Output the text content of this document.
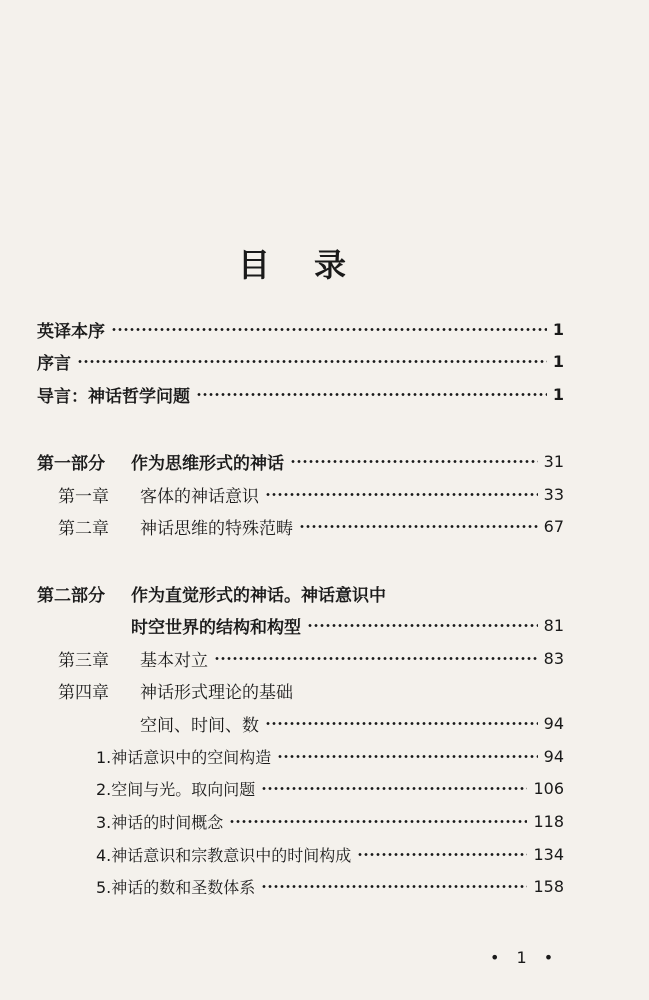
目 录
英译本序	1
序言	1
导言：神话哲学问题	1
第一部分	作为思维形式的神话	31
第一章	客体的神话意识	33
第二章	神话思维的特殊范畴	67
第二部分	作为直觉形式的神话。神话意识中
时空世界的结构和构型	81
第三章	基本对立	83
第四章	神话形式理论的基础
空间、时间、数	94
1.神话意识中的空间构造	94
2.空间与光。取向问题	106
3.神话的时间概念	118
4.神话意识和宗教意识中的时间构成	134
5.神话的数和圣数体系	158
• 1 •
